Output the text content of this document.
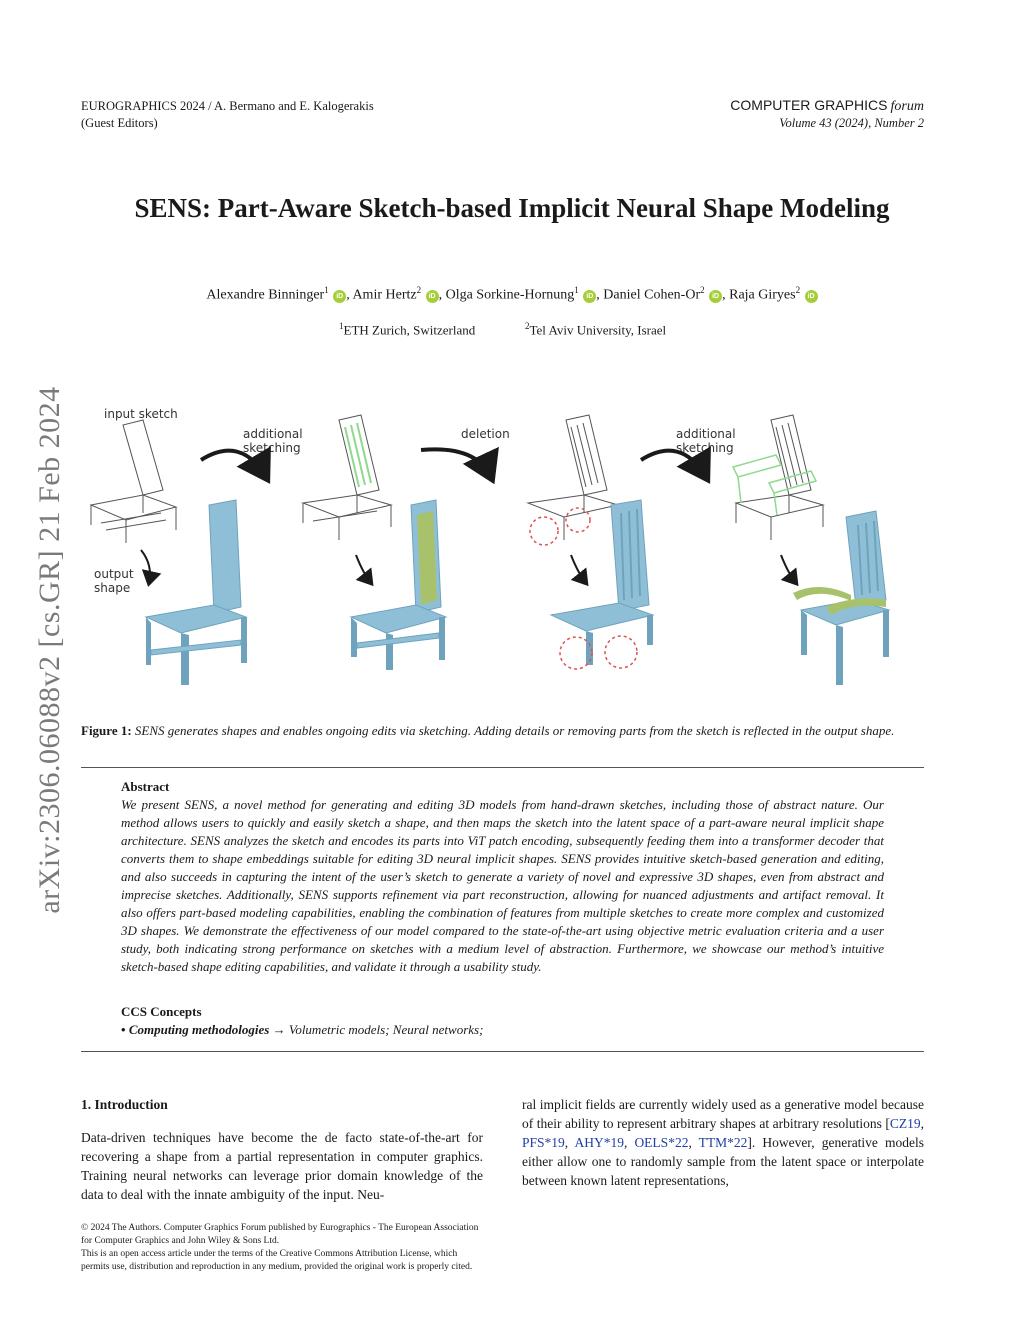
EUROGRAPHICS 2024 / A. Bermano and E. Kalogerakis
(Guest Editors)
COMPUTER GRAPHICS forum
Volume 43 (2024), Number 2
SENS: Part-Aware Sketch-based Implicit Neural Shape Modeling
Alexandre Binninger$^1$ iD , Amir Hertz$^2$ iD , Olga Sorkine-Hornung$^1$ iD , Daniel Cohen-Or$^2$ iD , Raja Giryes$^2$ iD
$^1$ETH Zurich, Switzerland	$^2$Tel Aviv University, Israel
arXiv:2306.06088v2 [cs.GR] 21 Feb 2024	input sketch
additional
sketching
deletion	additional
sketching
output
shape
Figure 1: SENS generates shapes and enables ongoing edits via sketching. Adding details or removing parts from the sketch is reflected in the output shape.
Abstract
We present SENS, a novel method for generating and editing 3D models from hand-drawn sketches, including those of abstract nature. Our method allows users to quickly and easily sketch a shape, and then maps the sketch into the latent space of a part-aware neural implicit shape architecture. SENS analyzes the sketch and encodes its parts into ViT patch encoding, subsequently feeding them into a transformer decoder that converts them to shape embeddings suitable for editing 3D neural implicit shapes. SENS provides intuitive sketch-based generation and editing, and also succeeds in capturing the intent of the user’s sketch to generate a variety of novel and expressive 3D shapes, even from abstract and imprecise sketches. Additionally, SENS supports refinement via part reconstruction, allowing for nuanced adjustments and artifact removal. It also offers part-based modeling capabilities, enabling the combination of features from multiple sketches to create more complex and customized 3D shapes. We demonstrate the effectiveness of our model compared to the state-of-the-art using objective metric evaluation criteria and a user study, both indicating strong performance on sketches with a medium level of abstraction. Furthermore, we showcase our method’s intuitive sketch-based shape editing capabilities, and validate it through a usability study.
CCS Concepts
• Computing methodologies → Volumetric models; Neural networks;
1. Introduction
Data-driven techniques have become the de facto state-of-the-art for recovering a shape from a partial representation in computer graphics. Training neural networks can leverage prior domain knowledge of the data to deal with the innate ambiguity of the input. Neu-
ral implicit fields are currently widely used as a generative model because of their ability to represent arbitrary shapes at arbitrary resolutions [CZ19, PFS*19, AHY*19, OELS*22, TTM*22]. However, generative models either allow one to randomly sample from the latent space or interpolate between known latent representations,
© 2024 The Authors. Computer Graphics Forum published by Eurographics - The European Association for Computer Graphics and John Wiley & Sons Ltd.
This is an open access article under the terms of the Creative Commons Attribution License, which permits use, distribution and reproduction in any medium, provided the original work is properly cited.
